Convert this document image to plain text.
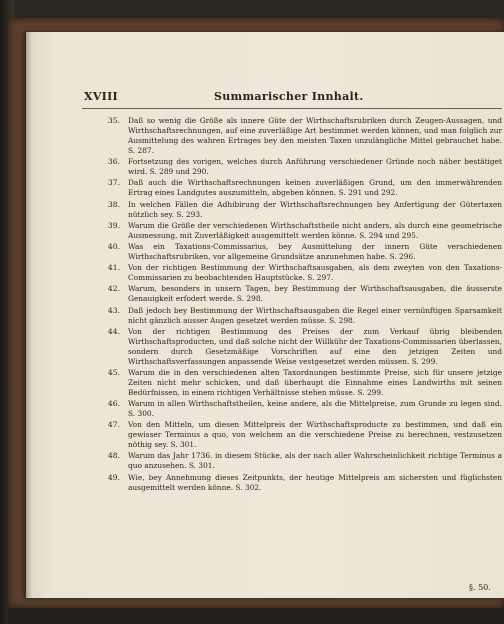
XVIII	Summarischer Innhalt.
35. Daß so wenig die Größe als innere Güte der Wirthschaftsrubriken durch Zeugen-Aussagen, und Wirthschaftsrechnungen, auf eine zuverläßige Art bestimmet werden können, und man folglich zur Ausmittelung des wahren Ertrages bey den meisten Taxen unzulängliche Mittel gebrauchet habe. S. 287.
36. Fortsetzung des vorigen, welches durch Anführung verschiedener Gründe noch näher bestätiget wird. S. 289 und 290.
37. Daß auch die Wirthschaftsrechnungen keinen zuverläßigen Grund, um den immerwährenden Ertrag eines Landgutes auszumitteln, abgeben können. S. 291 und 292.
38. In welchen Fällen die Adhibirung der Wirthschaftsrechnungen bey Anfertigung der Gütertaxen nützlich sey. S. 293.
39. Warum die Größe der verschiedenen Wirthschaftstheile nicht anders, als durch eine geometrische Ausmessung, mit Zuverläßigkeit ausgemittelt werden könne. S. 294 und 295.
40. Was ein Taxations-Commissarius, bey Ausmittelung der innern Güte verschiedenen Wirthschaftsrubriken, vor allgemeine Grundsätze anzunehmen habe. S. 296.
41. Von der richtigen Bestimmung der Wirthschaftsausgaben, als dem zweyten von den Taxations-Commissarien zu beobachtenden Hauptstücke. S. 297.
42. Warum, besonders in unsern Tagen, bey Bestimmung der Wirthschaftsausgaben, die äusserste Genauigkeit erfodert werde. S. 298.
43. Daß jedoch bey Bestimmung der Wirthschaftsausgaben die Regel einer vernünftigen Sparsamkeit nicht gänzlich ausser Augen gesetzet werden müsse. S. 298.
44. Von der richtigen Bestimmung des Preises der zum Verkauf übrig bleibenden Wirthschaftsproducten, und daß solche nicht der Willkühr der Taxations-Commissarien überlassen, sondern durch Gesetzmäßige Vorschriften auf eine den jetzigen Zeiten und Wirthschaftsverfassungen anpassende Weise vestgesetzet werden müssen. S. 299.
45. Warum die in den verschiedenen alten Taxordnungen bestimmte Preise, sich für unsere jetzige Zeiten nicht mehr schicken, und daß überhaupt die Einnahme eines Landwirths mit seinen Bedürfnissen, in einem richtigen Verhältnisse stehen müsse. S. 299.
46. Warum in allen Wirthschaftstheilen, keine andere, als die Mittelpreise, zum Grunde zu legen sind. S. 300.
47. Von den Mitteln, um diesen Mittelpreis der Wirthschaftsproducte zu bestimmen, und daß ein gewisser Terminus a quo, von welchem an die verschiedene Preise zu berechnen, vestzusetzen nöthig sey. S. 301.
48. Warum das Jahr 1736. in diesem Stücke, als der nach aller Wahrscheinlichkeit richtige Terminus a quo anzusehen. S. 301.
49. Wie, bey Annehmung dieses Zeitpunkts, der heutige Mittelpreis am sichersten und füglichsten ausgemittelt werden könne. S. 302.
§. 50.
